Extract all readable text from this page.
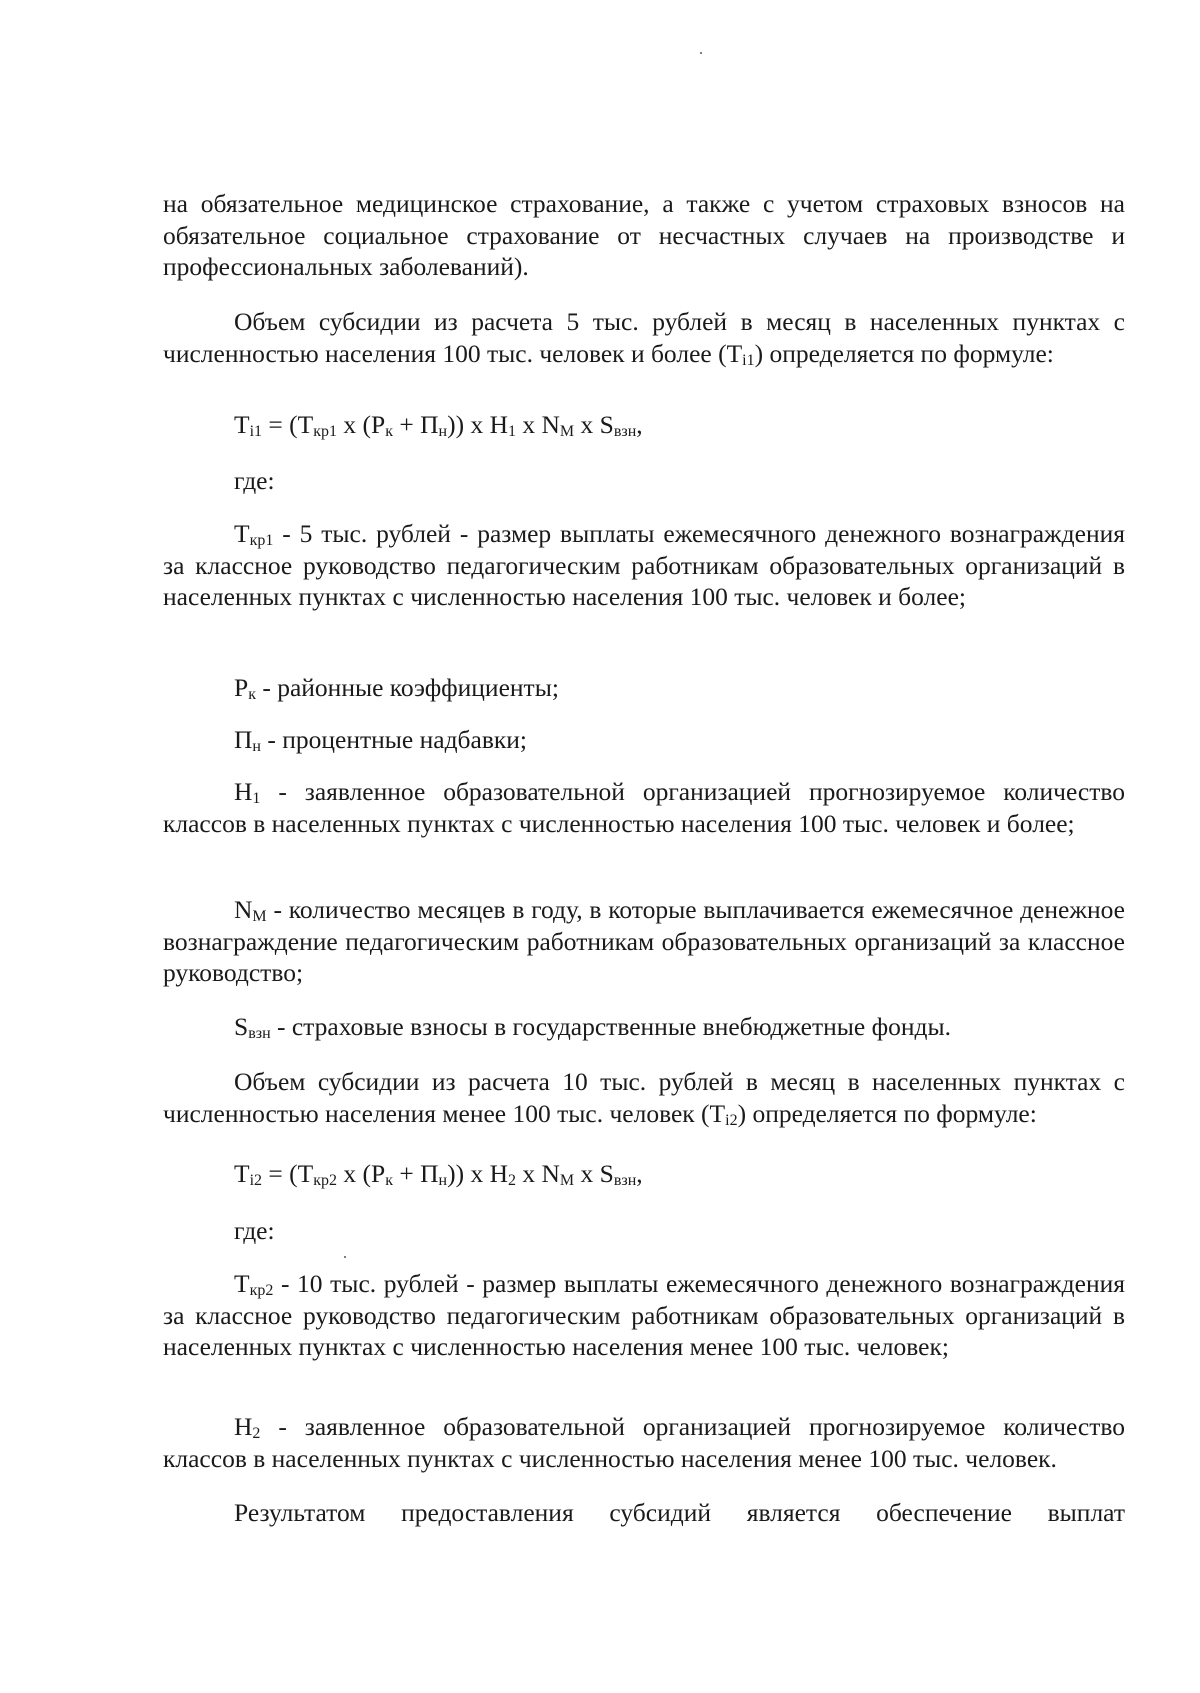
на обязательное медицинское страхование, а также с учетом страховых взносов на обязательное социальное страхование от несчастных случаев на производстве и профессиональных заболеваний).

Объем субсидии из расчета 5 тыс. рублей в месяц в населенных пунктах с численностью населения 100 тыс. человек и более $(T_{i1})$ определяется по формуле:

$T_{i1} = (T_{кр1}$ x $(P_к + П_н)$) x $H_1$ x $N_M$ x $S_{взн}$,

где:

$T_{кр1} - 5$ тыс. рублей - размер выплаты ежемесячного денежного вознаграждения за классное руководство педагогическим работникам образовательных организаций в населенных пунктах с численностью населения 100 тыс. человек и более;

$P_к$ - районные коэффициенты;

$П_н$ - процентные надбавки;

$H_1$ - заявленное образовательной организацией прогнозируемое количество классов в населенных пунктах с численностью населения 100 тыс. человек и более;

$N_M$ - количество месяцев в году, в которые выплачивается ежемесячное денежное вознаграждение педагогическим работникам образовательных организаций за классное руководство;

$S_{взн}$ - страховые взносы в государственные внебюджетные фонды.

Объем субсидии из расчета 10 тыс. рублей в месяц в населенных пунктах с численностью населения менее 100 тыс. человек $(T_{i2})$ определяется по формуле:

$T_{i2} = (T_{кр2}$ x $(P_к + П_н)$) x $H_2$ x $N_M$ x $S_{взн}$,

где:

$T_{кр2} - 10$ тыс. рублей - размер выплаты ежемесячного денежного вознаграждения за классное руководство педагогическим работникам образовательных организаций в населенных пунктах с численностью населения менее 100 тыс. человек;

$H_2$ - заявленное образовательной организацией прогнозируемое количество классов в населенных пунктах с численностью населения менее 100 тыс. человек.

Результатом предоставления субсидий является обеспечение выплат
